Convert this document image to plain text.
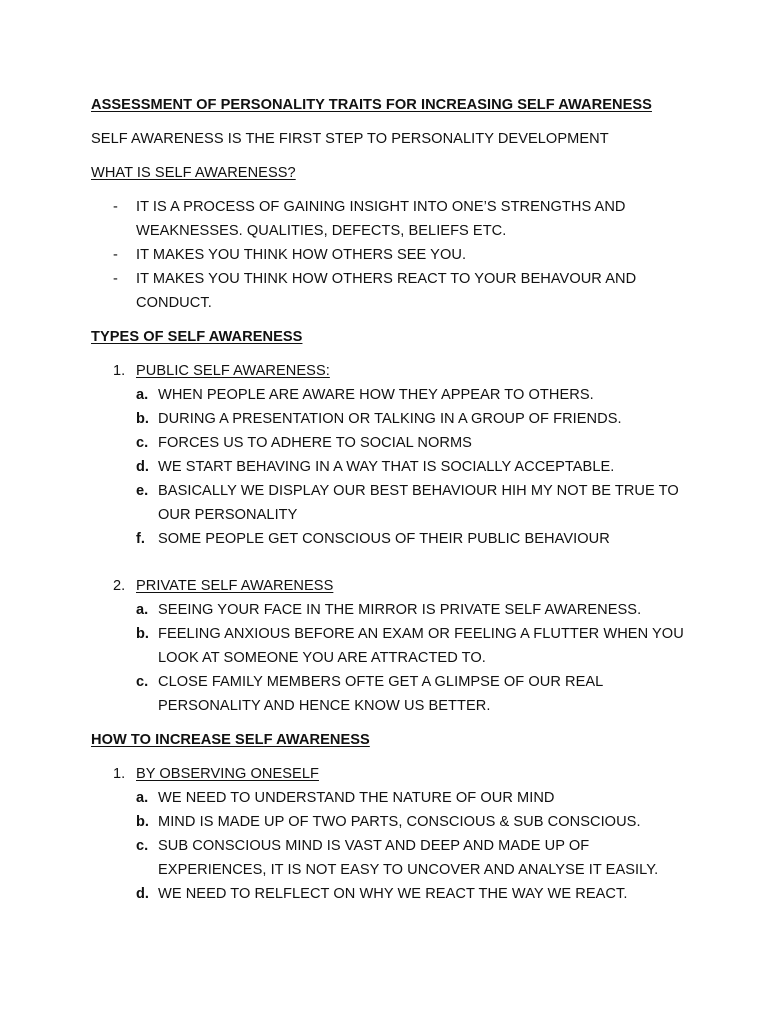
ASSESSMENT OF PERSONALITY TRAITS FOR INCREASING SELF AWARENESS
SELF AWARENESS IS THE FIRST STEP TO PERSONALITY DEVELOPMENT
WHAT IS SELF AWARENESS?
- IT IS A PROCESS OF GAINING INSIGHT INTO ONE’S STRENGTHS AND
WEAKNESSES. QUALITIES, DEFECTS, BELIEFS ETC.
- IT MAKES YOU THINK HOW OTHERS SEE YOU.
- IT MAKES YOU THINK HOW OTHERS REACT TO YOUR BEHAVOUR AND
CONDUCT.
TYPES OF SELF AWARENESS
1. PUBLIC SELF AWARENESS:
a. WHEN PEOPLE ARE AWARE HOW THEY APPEAR TO OTHERS.
b. DURING A PRESENTATION OR TALKING IN A GROUP OF FRIENDS.
c. FORCES US TO ADHERE TO SOCIAL NORMS
d. WE START BEHAVING IN A WAY THAT IS SOCIALLY ACCEPTABLE.
e. BASICALLY WE DISPLAY OUR BEST BEHAVIOUR HIH MY NOT BE TRUE TO
OUR PERSONALITY
f. SOME PEOPLE GET CONSCIOUS OF THEIR PUBLIC BEHAVIOUR
2. PRIVATE SELF AWARENESS
a. SEEING YOUR FACE IN THE MIRROR IS PRIVATE SELF AWARENESS.
b. FEELING ANXIOUS BEFORE AN EXAM OR FEELING A FLUTTER WHEN YOU
LOOK AT SOMEONE YOU ARE ATTRACTED TO.
c. CLOSE FAMILY MEMBERS OFTE GET A GLIMPSE OF OUR REAL
PERSONALITY AND HENCE KNOW US BETTER.
HOW TO INCREASE SELF AWARENESS
1. BY OBSERVING ONESELF
a. WE NEED TO UNDERSTAND THE NATURE OF OUR MIND
b. MIND IS MADE UP OF TWO PARTS, CONSCIOUS & SUB CONSCIOUS.
c. SUB CONSCIOUS MIND IS VAST AND DEEP AND MADE UP OF
EXPERIENCES, IT IS NOT EASY TO UNCOVER AND ANALYSE IT EASILY.
d. WE NEED TO RELFLECT ON WHY WE REACT THE WAY WE REACT.
